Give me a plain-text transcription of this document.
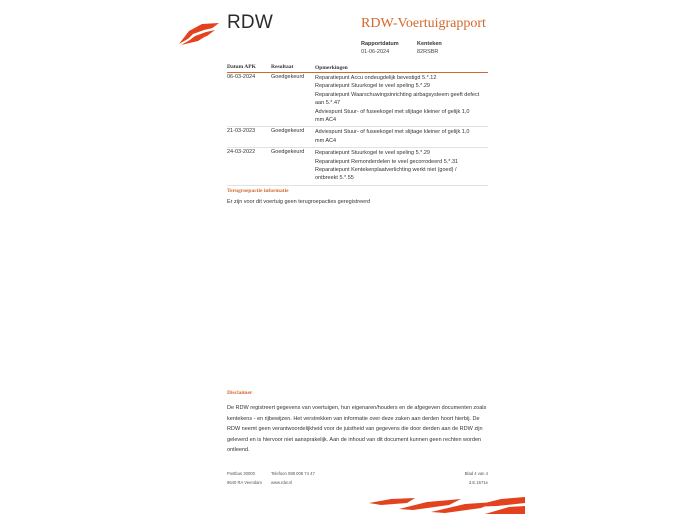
RDW	RDW-Voertuigrapport
Rapportdatum
01-06-2024
Kenteken
82RSBR
Datum APK	Resultaat	Opmerkingen
06-03-2024	Goedgekeurd Reparatiepunt Accu ondeugdelijk bevestigd 5.*.12
Reparatiepunt Stuurkogel te veel speling 5.*.29
Reparatiepunt Waarschuwingsinrichting airbagsysteem geeft defect
aan 5.*.47
Adviespunt Stuur- of fuseekogel met slijtage kleiner of gelijk 1,0
mm AC4
21-03-2023	Goedgekeurd Adviespunt Stuur- of fuseekogel met slijtage kleiner of gelijk 1,0
mm AC4
24-03-2022	Goedgekeurd Reparatiepunt Stuurkogel te veel speling 5.*.29
Reparatiepunt Remonderdelen te veel gecorrodeerd 5.*.31
Reparatiepunt Kentekenplaatverlichting werkt niet (goed) /
ontbreekt 5.*.55
Terugroepactie informatie
Er zijn voor dit voertuig geen terugroepacties geregistreerd
Disclaimer
De RDW registreert gegevens van voertuigen, hun eigenaren/houders en de afgegeven documenten zoals
kentekens - en rijbewijzen. Het verstrekken van informatie over deze zaken aan derden hoort hierbij. De
RDW neemt geen verantwoordelijkheid voor de juistheid van gegevens die door derden aan de RDW zijn
geleverd en is hiervoor niet aansprakelijk. Aan de inhoud van dit document kunnen geen rechten worden
ontleend.
Postbus 30000
9640 RA Veendam
Telefoon 088 008 74 47
www.rdw.nl
Blad 4 van 4
3.E.1571e
